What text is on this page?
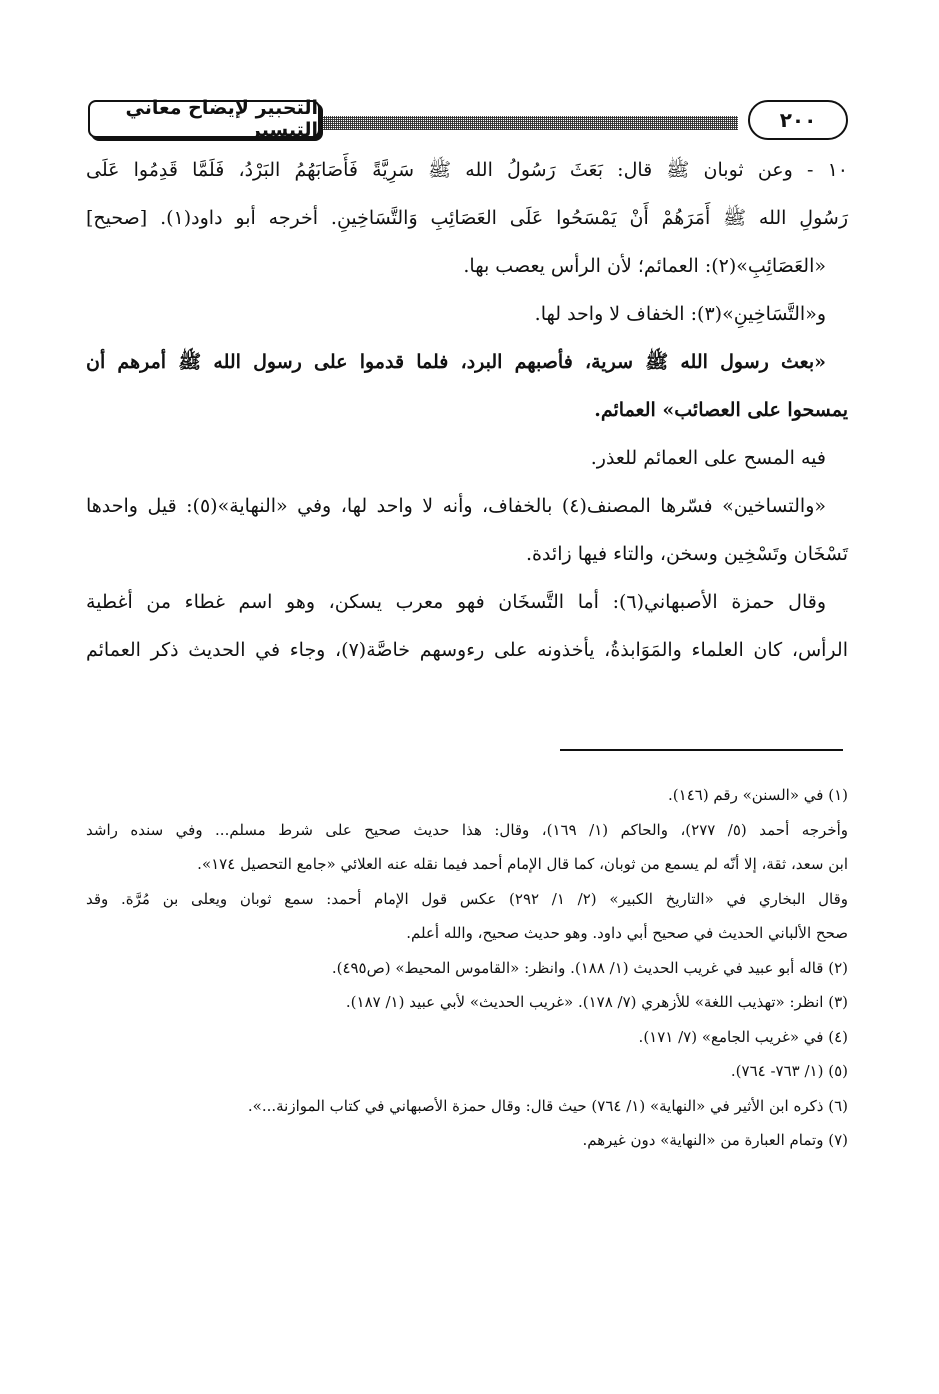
التحبير لإيضاح معاني التيسير	٢٠٠

١٠ - وعن ثوبان ﷺ قال: بَعَثَ رَسُولُ الله ﷺ سَرِيَّةً فَأَصَابَهُمُ البَرْدُ، فَلَمَّا قَدِمُوا عَلَى

رَسُولِ الله ﷺ أَمَرَهُمْ أَنْ يَمْسَحُوا عَلَى العَصَائِبِ وَالتَّسَاخِينِ. أخرجه أبو داود(١). [صحيح]

«العَصَائِبِ»(٢): العمائم؛ لأن الرأس يعصب بها.

و«التَّسَاخِينِ»(٣): الخفاف لا واحد لها.

«بعث رسول الله ﷺ سرية، فأصبهم البرد، فلما قدموا على رسول الله ﷺ أمرهم أن

يمسحوا على العصائب» العمائم.

فيه المسح على العمائم للعذر.

«والتساخين» فسّرها المصنف(٤) بالخفاف، وأنه لا واحد لها، وفي «النهاية»(٥): قيل واحدها

تَسْخَان وتَسْخِين وسخن، والتاء فيها زائدة.

وقال حمزة الأصبهاني(٦): أما التَّسخَان فهو معرب يسكن، وهو اسم غطاء من أغطية

الرأس، كان العلماء والمَوَابذةُ، يأخذونه على رءوسهم خاصَّة(٧)، وجاء في الحديث ذكر العمائم

(١) في «السنن» رقم (١٤٦).

وأخرجه أحمد (٥/ ٢٧٧)، والحاكم (١/ ١٦٩)، وقال: هذا حديث صحيح على شرط مسلم... وفي سنده راشد

ابن سعد، ثقة، إلا أنّه لم يسمع من ثوبان، كما قال الإمام أحمد فيما نقله عنه العلائي «جامع التحصيل ١٧٤».

وقال البخاري في «التاريخ الكبير» (٢/ ١/ ٢٩٢) عكس قول الإمام أحمد: سمع ثوبان ويعلى بن مُرَّة. وقد

صحح الألباني الحديث في صحيح أبي داود. وهو حديث صحيح، والله أعلم.

(٢) قاله أبو عبيد في غريب الحديث (١/ ١٨٨). وانظر: «القاموس المحيط» (ص٤٩٥).

(٣) انظر: «تهذيب اللغة» للأزهري (٧/ ١٧٨). «غريب الحديث» لأبي عبيد (١/ ١٨٧).

(٤) في «غريب الجامع» (٧/ ١٧١).

(٥) (١/ ٧٦٣- ٧٦٤).

(٦) ذكره ابن الأثير في «النهاية» (١/ ٧٦٤) حيث قال: وقال حمزة الأصبهاني في كتاب الموازنة...».

(٧) وتمام العبارة من «النهاية» دون غيرهم.
